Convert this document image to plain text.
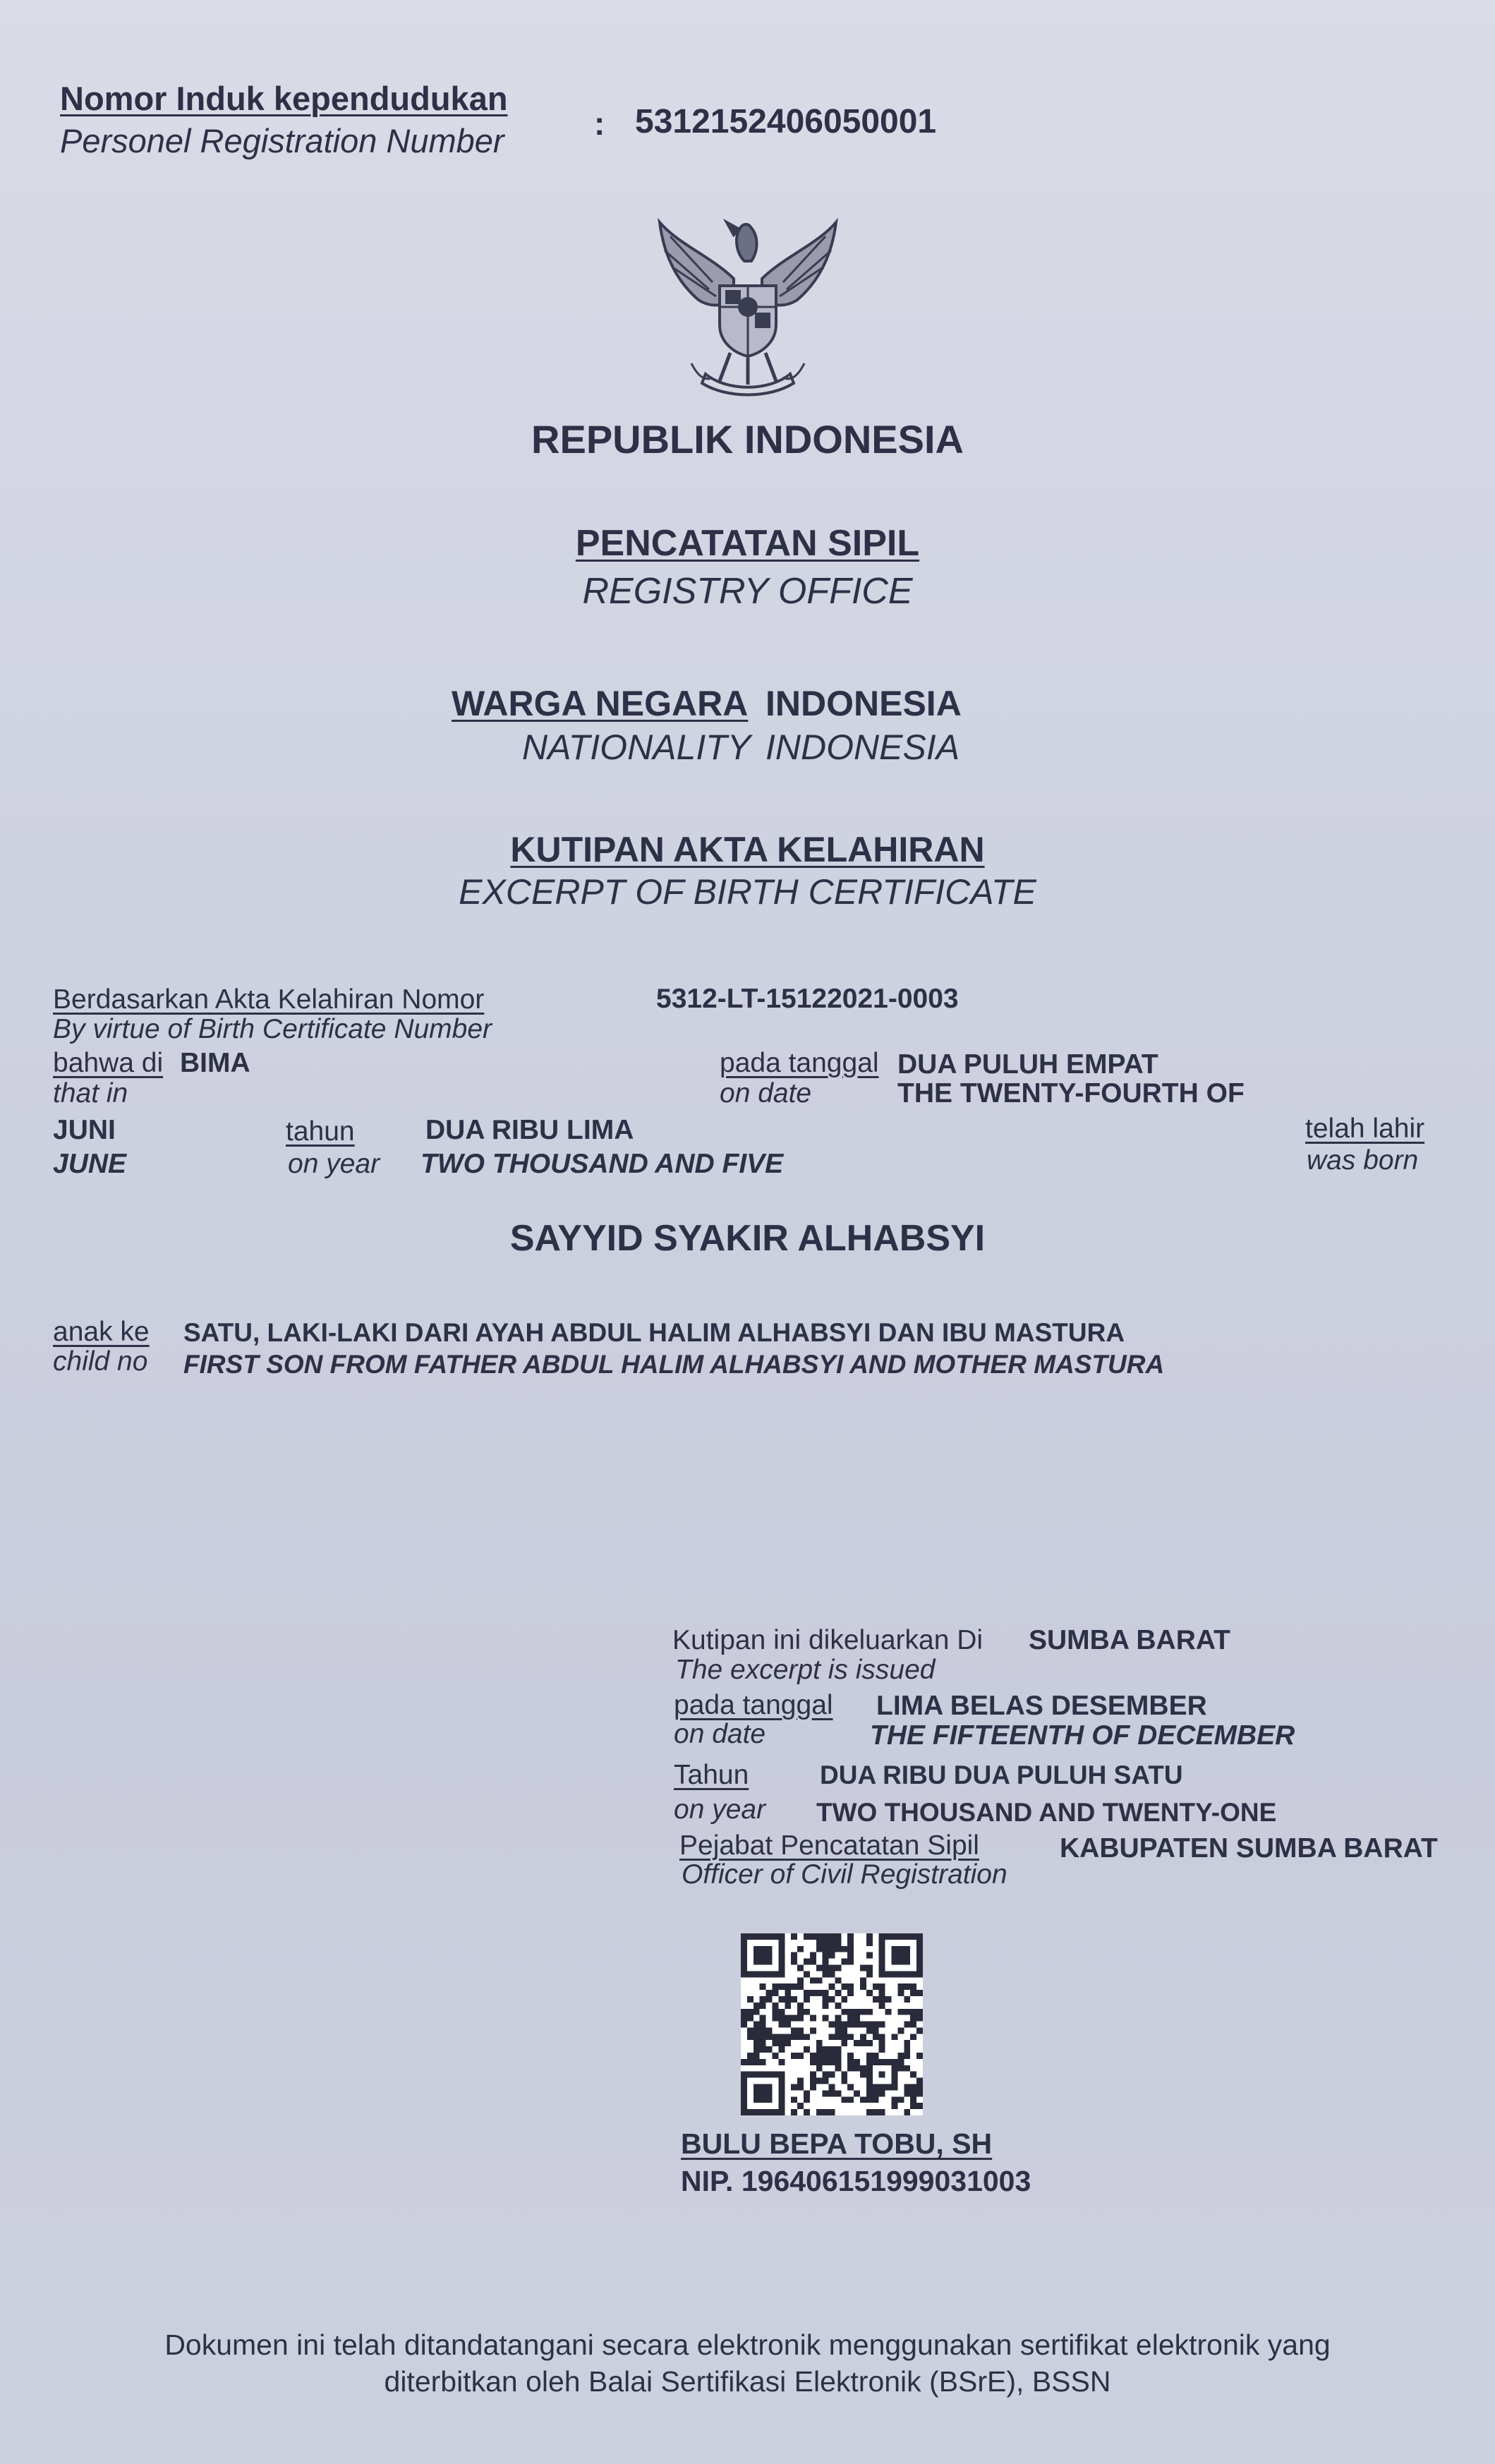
Nomor Induk kependudukan
Personel Registration Number	: 5312152406050001
REPUBLIK INDONESIA
PENCATATAN SIPIL
REGISTRY OFFICE
WARGA NEGARA INDONESIA
NATIONALITY INDONESIA
KUTIPAN AKTA KELAHIRAN
EXCERPT OF BIRTH CERTIFICATE
Berdasarkan Akta Kelahiran Nomor
By virtue of Birth Certificate Number
5312-LT-15122021-0003
bahwa di BIMA
that in
pada tanggal
on date
DUA PULUH EMPAT
THE TWENTY-FOURTH OF
JUNI
JUNE
tahun
on year
DUA RIBU LIMA
TWO THOUSAND AND FIVE
telah lahir
was born
SAYYID SYAKIR ALHABSYI
anak ke
child no
SATU, LAKI-LAKI DARI AYAH ABDUL HALIM ALHABSYI DAN IBU MASTURA
FIRST SON FROM FATHER ABDUL HALIM ALHABSYI AND MOTHER MASTURA
Kutipan ini dikeluarkan Di
The excerpt is issued
SUMBA BARAT
pada tanggal
on date
LIMA BELAS DESEMBER
THE FIFTEENTH OF DECEMBER
Tahun
on year
DUA RIBU DUA PULUH SATU
TWO THOUSAND AND TWENTY-ONE
Pejabat Pencatatan Sipil
Officer of Civil Registration
KABUPATEN SUMBA BARAT
BULU BEPA TOBU, SH
NIP. 196406151999031003
Dokumen ini telah ditandatangani secara elektronik menggunakan sertifikat elektronik yang
diterbitkan oleh Balai Sertifikasi Elektronik (BSrE), BSSN
